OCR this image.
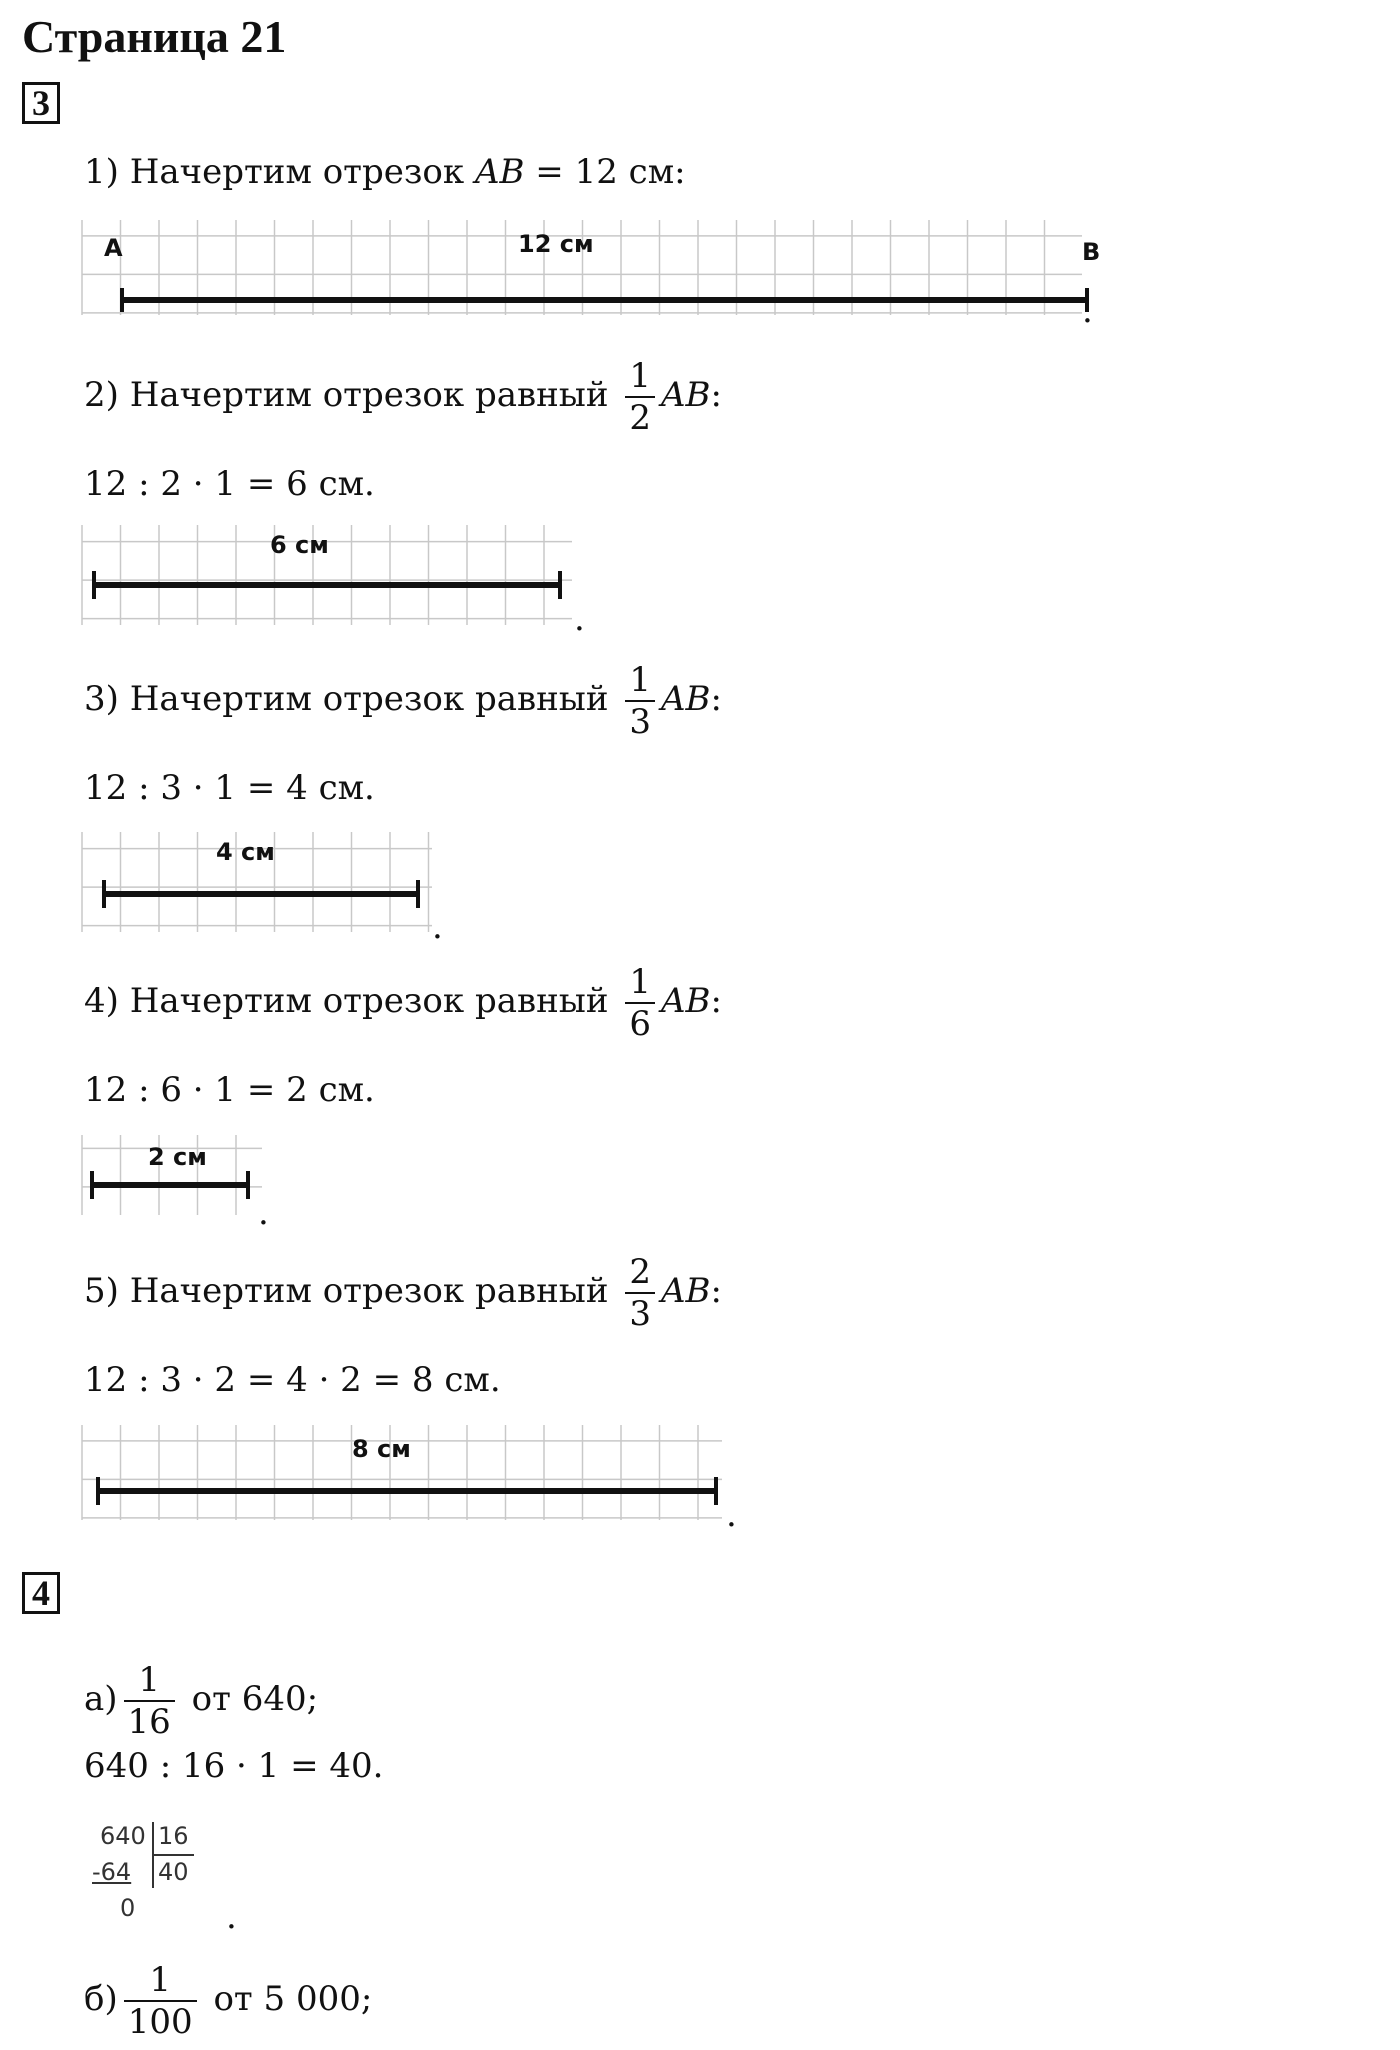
Страница 21
3
1) Начертим отрезок AB = 12 см:
А	В
12 см
.
2) Начертим отрезок равный $\frac{1}{2}$ AB:
12 : 2 · 1 = 6 см.
6 см
.
3) Начертим отрезок равный $\frac{1}{3}$ AB:
12 : 3 · 1 = 4 см.
4 см
.
4) Начертим отрезок равный $\frac{1}{6}$ AB:
12 : 6 · 1 = 2 см.
2 см
.
5) Начертим отрезок равный $\frac{2}{3}$ AB:
12 : 3 · 2 = 4 · 2 = 8 см.
8 см
.
4
$а) \frac{1}{16}$ от 640;
640 : 16 · 1 = 40.
640 16
-64 40
0	.
$б) \frac{1}{100}$ от 5 000;
